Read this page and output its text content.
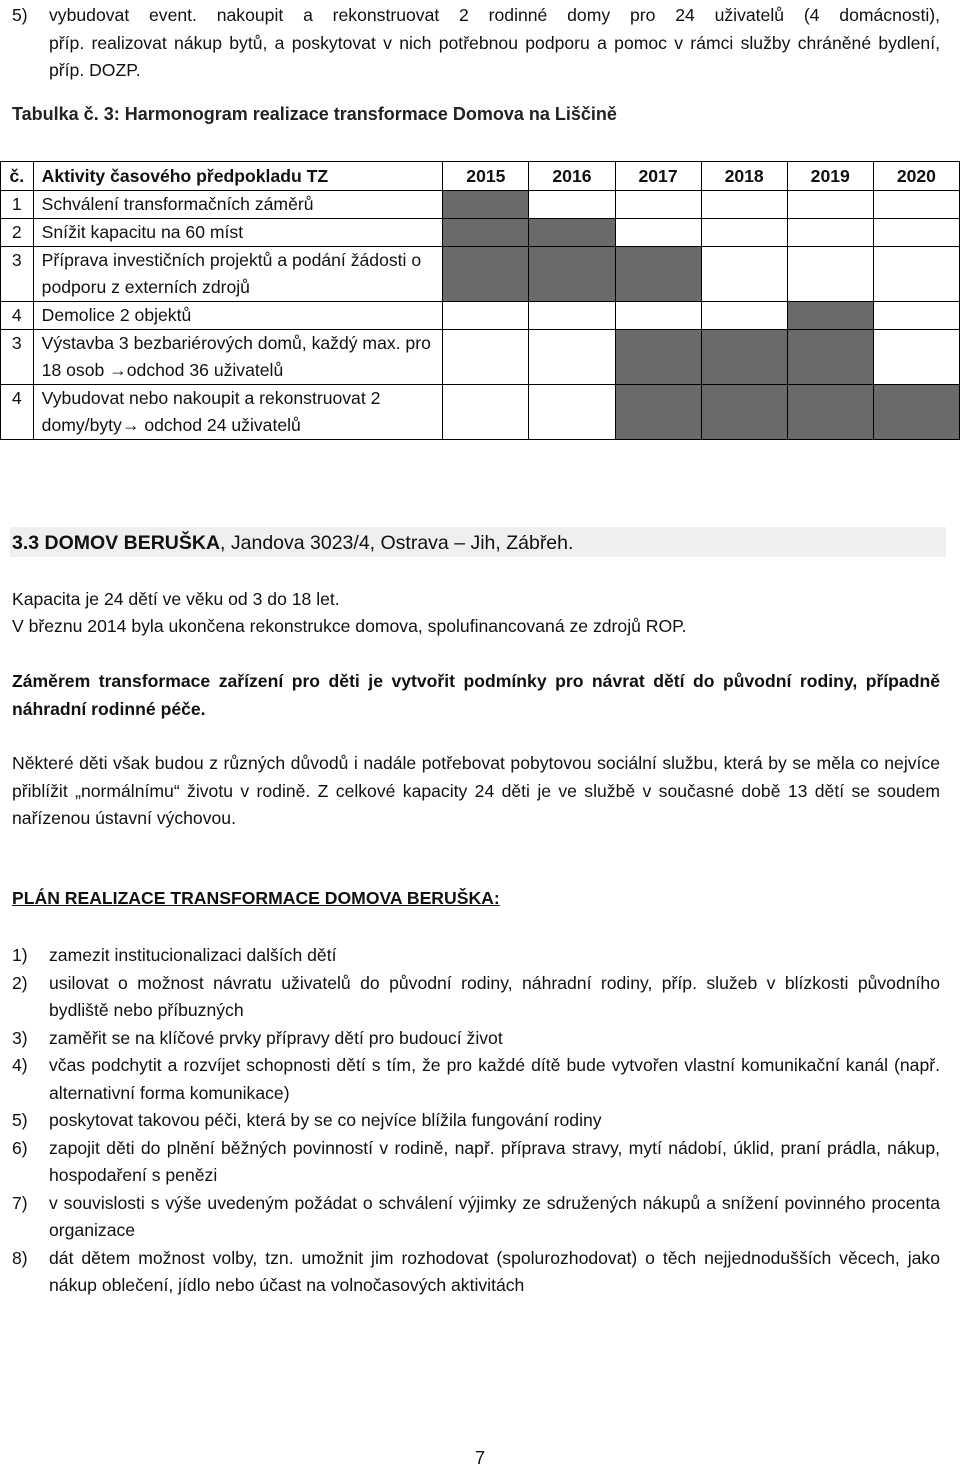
5)	vybudovat event. nakoupit a rekonstruovat 2 rodinné domy pro 24 uživatelů (4 domácnosti),
příp. realizovat nákup bytů, a poskytovat v nich potřebnou podporu a pomoc v rámci služby chráněné bydlení, příp. DOZP.
Tabulka č. 3: Harmonogram realizace transformace Domova na Liščině
č.	Aktivity časového předpokladu TZ	2015	2016	2017	2018	2019	2020
1	Schválení transformačních záměrů						
2	Snížit kapacitu na 60 míst						
3	Příprava investičních projektů a podání žádosti o podporu z externích zdrojů						
4	Demolice 2 objektů						
3	Výstavba 3 bezbariérových domů, každý max. pro 18 osob →odchod 36 uživatelů						
4	Vybudovat nebo nakoupit a rekonstruovat 2 domy/byty→ odchod 24 uživatelů						
3.3 DOMOV BERUŠKA, Jandova 3023/4, Ostrava – Jih, Zábřeh.
Kapacita je 24 dětí ve věku od 3 do 18 let.
V březnu 2014 byla ukončena rekonstrukce domova, spolufinancovaná ze zdrojů ROP.
Záměrem transformace zařízení pro děti je vytvořit podmínky pro návrat dětí do původní rodiny, případně náhradní rodinné péče.
Některé děti však budou z různých důvodů i nadále potřebovat pobytovou sociální službu, která by se měla co nejvíce přiblížit „normálnímu“ životu v rodině. Z celkové kapacity 24 děti je ve službě v současné době 13 dětí se soudem nařízenou ústavní výchovou.
PLÁN REALIZACE TRANSFORMACE DOMOVA BERUŠKA:
1)	zamezit institucionalizaci dalších dětí
2)	usilovat o možnost návratu uživatelů do původní rodiny, náhradní rodiny, příp. služeb v blízkosti původního bydliště nebo příbuzných
3)	zaměřit se na klíčové prvky přípravy dětí pro budoucí život
4)	včas podchytit a rozvíjet schopnosti dětí s tím, že pro každé dítě bude vytvořen vlastní komunikační kanál (např. alternativní forma komunikace)
5)	poskytovat takovou péči, která by se co nejvíce blížila fungování rodiny
6)	zapojit děti do plnění běžných povinností v rodině, např. příprava stravy, mytí nádobí, úklid, praní prádla, nákup, hospodaření s penězi
7)	v souvislosti s výše uvedeným požádat o schválení výjimky ze sdružených nákupů a snížení povinného procenta organizace
8)	dát dětem možnost volby, tzn. umožnit jim rozhodovat (spolurozhodovat) o těch nejjednodušších věcech, jako nákup oblečení, jídlo nebo účast na volnočasových aktivitách
7
